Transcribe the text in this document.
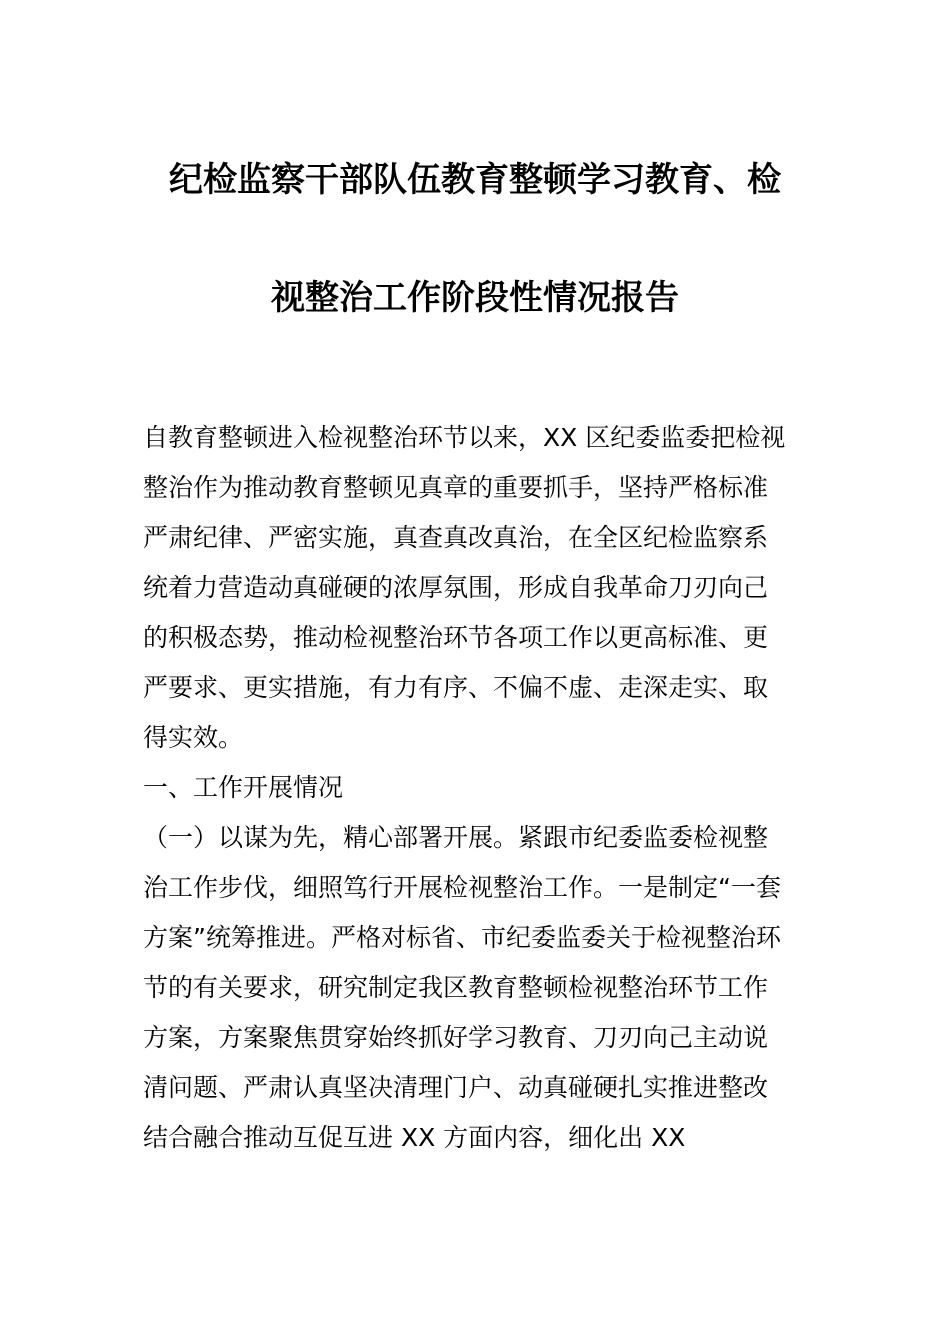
纪检监察干部队伍教育整顿学习教育、检
视整治工作阶段性情况报告
自教育整顿进入检视整治环节以来，XX 区纪委监委把检视
整治作为推动教育整顿见真章的重要抓手，坚持严格标准
严肃纪律、严密实施，真查真改真治，在全区纪检监察系
统着力营造动真碰硬的浓厚氛围，形成自我革命刀刃向己
的积极态势，推动检视整治环节各项工作以更高标准、更
严要求、更实措施，有力有序、不偏不虚、走深走实、取
得实效。
一、工作开展情况
（一）以谋为先，精心部署开展。紧跟市纪委监委检视整
治工作步伐，细照笃行开展检视整治工作。一是制定“一套
方案”统筹推进。严格对标省、市纪委监委关于检视整治环
节的有关要求，研究制定我区教育整顿检视整治环节工作
方案，方案聚焦贯穿始终抓好学习教育、刀刃向己主动说
清问题、严肃认真坚决清理门户、动真碰硬扎实推进整改
结合融合推动互促互进 XX 方面内容，细化出 XX
